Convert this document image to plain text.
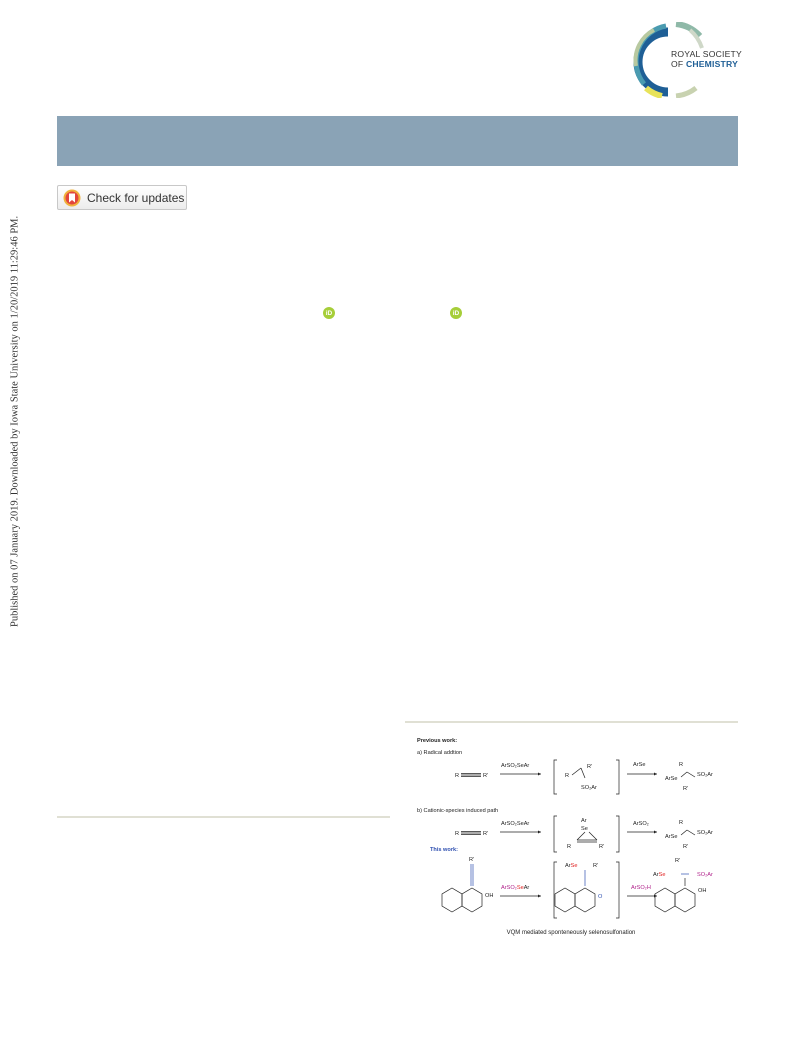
Published on 07 January 2019. Downloaded by Iowa State University on 1/20/2019 11:29:46 PM.
ROYAL SOCIETY
OF CHEMISTRY
Check for updates
iD	iD
Previous work:
a) Radical addtion
R	R'
ArSO₂SeAr
R
R'
SO₂Ar
ArSe
ArSe
R
SO₂Ar
R'
b) Cationic-species induced path
R	R'
ArSO₂SeAr	Ar
Se
R	R'
ArSO₂
ArSe
R
SO₂Ar
R'
This work:
R'
OH
ArSO₂SeAr
ArSe	R'
O
ArSO₂H
R'
ArSe	SO₂Ar
OH
VQM mediated sponteneously selenosulfonation
